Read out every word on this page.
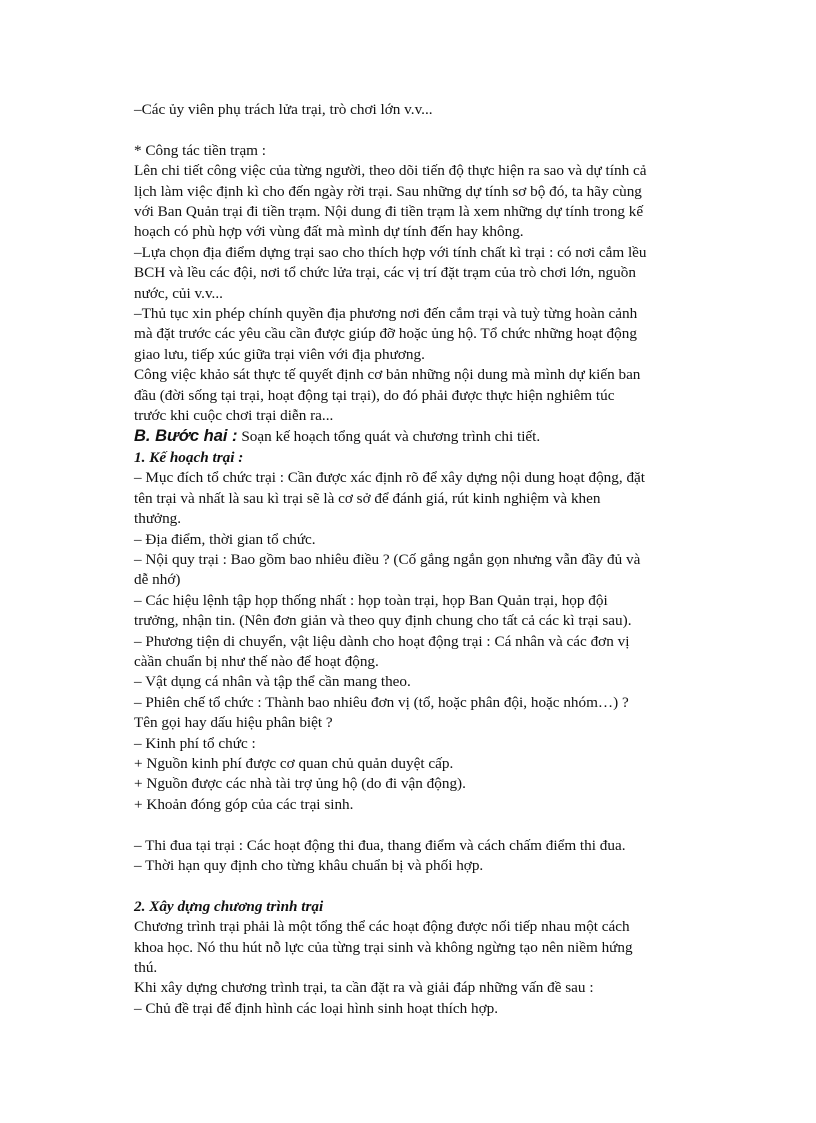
–Các ủy viên phụ trách lửa trại, trò chơi lớn v.v...

* Công tác tiền trạm :

Lên chi tiết công việc của từng người, theo dõi tiến độ thực hiện ra sao và dự tính cả

lịch làm việc định kì cho đến ngày rời trại. Sau những dự tính sơ bộ đó, ta hãy cùng

với Ban Quản trại đi tiền trạm. Nội dung đi tiền trạm là xem những dự tính trong kế

hoạch có phù hợp với vùng đất mà mình dự tính đến hay không.

–Lựa chọn địa điểm dựng trại sao cho thích hợp với tính chất kì trại : có nơi cắm lều

BCH và lều các đội, nơi tổ chức lửa trại, các vị trí đặt trạm của trò chơi lớn, nguồn

nước, củi v.v...

–Thủ tục xin phép chính quyền địa phương nơi đến cắm trại và tuỳ từng hoàn cảnh

mà đặt trước các yêu cầu cần được giúp đỡ hoặc ủng hộ. Tổ chức những hoạt động

giao lưu, tiếp xúc giữa trại viên với địa phương.

Công việc khảo sát thực tế quyết định cơ bản những nội dung mà mình dự kiến ban

đầu (đời sống tại trại, hoạt động tại trại), do đó phải được thực hiện nghiêm túc

trước khi cuộc chơi trại diễn ra...

B. Bước hai : Soạn kế hoạch tổng quát và chương trình chi tiết.

1. Kế hoạch trại :

– Mục đích tổ chức trại : Cần được xác định rõ để xây dựng nội dung hoạt động, đặt

tên trại và nhất là sau kì trại sẽ là cơ sở để đánh giá, rút kinh nghiệm và khen

thưởng.

– Địa điểm, thời gian tổ chức.

– Nội quy trại : Bao gồm bao nhiêu điều ? (Cố gắng ngắn gọn nhưng vẫn đầy đủ và

dễ nhớ)

– Các hiệu lệnh tập họp thống nhất : họp toàn trại, họp Ban Quản trại, họp đội

trưởng, nhận tin. (Nên đơn giản và theo quy định chung cho tất cả các kì trại sau).

– Phương tiện di chuyển, vật liệu dành cho hoạt động trại : Cá nhân và các đơn vị

càần chuẩn bị như thế nào để hoạt động.

– Vật dụng cá nhân và tập thể cần mang theo.

– Phiên chế tổ chức : Thành bao nhiêu đơn vị (tổ, hoặc phân đội, hoặc nhóm…) ?

Tên gọi hay dấu hiệu phân biệt ?

– Kinh phí tổ chức :

+ Nguồn kinh phí được cơ quan chủ quản duyệt cấp.

+ Nguồn được các nhà tài trợ ủng hộ (do đi vận động).

+ Khoản đóng góp của các trại sinh.

– Thi đua tại trại : Các hoạt động thi đua, thang điểm và cách chấm điểm thi đua.

– Thời hạn quy định cho từng khâu chuẩn bị và phối hợp.

2. Xây dựng chương trình trại

Chương trình trại phải là một tổng thể các hoạt động được nối tiếp nhau một cách

khoa học. Nó thu hút nỗ lực của từng trại sinh và không ngừng tạo nên niềm hứng

thú.

Khi xây dựng chương trình trại, ta cần đặt ra và giải đáp những vấn đề sau :

– Chủ đề trại để định hình các loại hình sinh hoạt thích hợp.
